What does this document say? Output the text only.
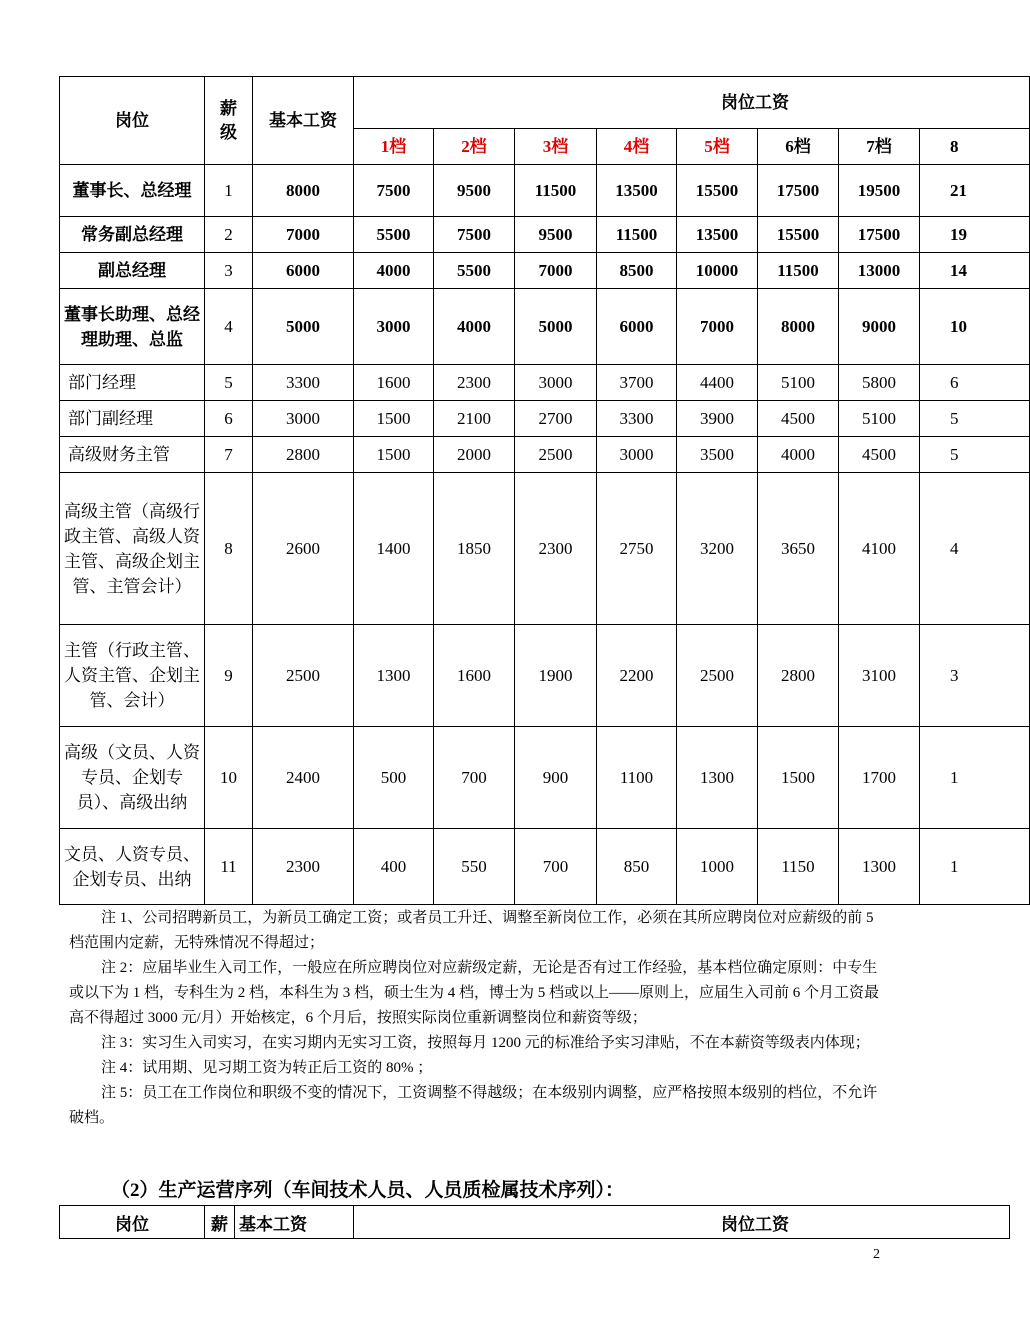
岗位	薪级	基本工资	岗位工资							
			1档	2档	3档	4档	5档	6档	7档	8
董事长、总经理	1	8000	7500	9500	11500	13500	15500	17500	19500	21
常务副总经理	2	7000	5500	7500	9500	11500	13500	15500	17500	19
副总经理	3	6000	4000	5500	7000	8500	10000	11500	13000	14
董事长助理、总经理助理、总监	4	5000	3000	4000	5000	6000	7000	8000	9000	10
部门经理	5	3300	1600	2300	3000	3700	4400	5100	5800	6
部门副经理	6	3000	1500	2100	2700	3300	3900	4500	5100	5
高级财务主管	7	2800	1500	2000	2500	3000	3500	4000	4500	5
高级主管（高级行政主管、高级人资主管、高级企划主管、主管会计）	8	2600	1400	1850	2300	2750	3200	3650	4100	4
主管（行政主管、人资主管、企划主管、会计）	9	2500	1300	1600	1900	2200	2500	2800	3100	3
高级（文员、人资专员、企划专员）、高级出纳	10	2400	500	700	900	1100	1300	1500	1700	1
文员、人资专员、企划专员、出纳	11	2300	400	550	700	850	1000	1150	1300	1

注 1、公司招聘新员工，为新员工确定工资；或者员工升迁、调整至新岗位工作，必须在其所应聘岗位对应薪级的前 5 档范围内定薪，无特殊情况不得超过；

注 2：应届毕业生入司工作，一般应在所应聘岗位对应薪级定薪，无论是否有过工作经验，基本档位确定原则：中专生或以下为 1 档，专科生为 2 档，本科生为 3 档，硕士生为 4 档，博士为 5 档或以上——原则上，应届生入司前 6 个月工资最高不得超过 3000 元/月）开始核定，6 个月后，按照实际岗位重新调整岗位和薪资等级；

注 3：实习生入司实习，在实习期内无实习工资，按照每月 1200 元的标准给予实习津贴，不在本薪资等级表内体现；

注 4：试用期、见习期工资为转正后工资的 80% ；

注 5：员工在工作岗位和职级不变的情况下，工资调整不得越级；在本级别内调整，应严格按照本级别的档位，不允许破档。

（2）生产运营序列（车间技术人员、人员质检属技术序列）：
岗位	薪	基本工资	岗位工资
2
